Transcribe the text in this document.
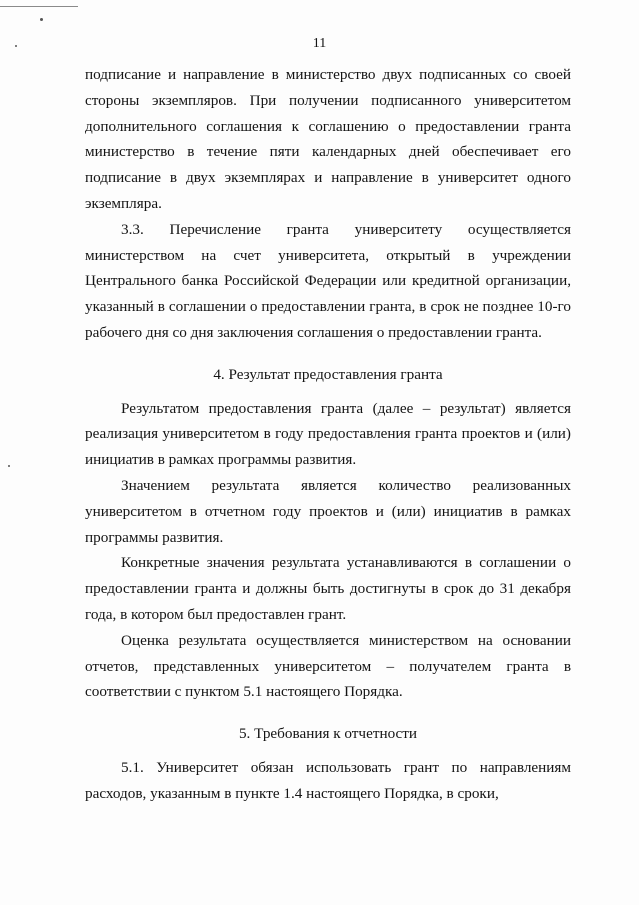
11

подписание и направление в министерство двух подписанных со своей стороны экземпляров. При получении подписанного университетом дополнительного соглашения к соглашению о предоставлении гранта министерство в течение пяти календарных дней обеспечивает его подписание в двух экземплярах и направление в университет одного экземпляра.

3.3. Перечисление гранта университету осуществляется министерством на счет университета, открытый в учреждении Центрального банка Российской Федерации или кредитной организации, указанный в соглашении о предоставлении гранта, в срок не позднее 10-го рабочего дня со дня заключения соглашения о предоставлении гранта.

4. Результат предоставления гранта

Результатом предоставления гранта (далее – результат) является реализация университетом в году предоставления гранта проектов и (или) инициатив в рамках программы развития.

Значением результата является количество реализованных университетом в отчетном году проектов и (или) инициатив в рамках программы развития.

Конкретные значения результата устанавливаются в соглашении о предоставлении гранта и должны быть достигнуты в срок до 31 декабря года, в котором был предоставлен грант.

Оценка результата осуществляется министерством на основании отчетов, представленных университетом – получателем гранта в соответствии с пунктом 5.1 настоящего Порядка.

5. Требования к отчетности

5.1. Университет обязан использовать грант по направлениям расходов, указанным в пункте 1.4 настоящего Порядка, в сроки,
